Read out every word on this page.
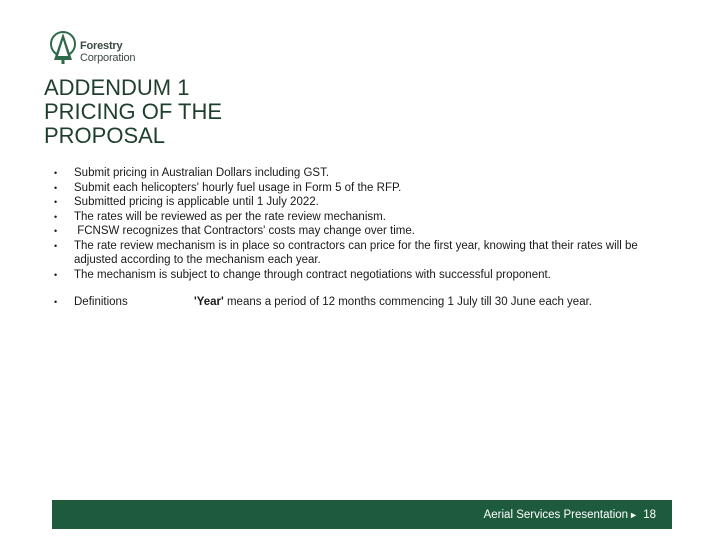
Forestry
Corporation
ADDENDUM 1
PRICING OF THE
PROPOSAL
• Submit pricing in Australian Dollars including GST.
• Submit each helicopters' hourly fuel usage in Form 5 of the RFP.
• Submitted pricing is applicable until 1 July 2022.
• The rates will be reviewed as per the rate review mechanism.
•  FCNSW recognizes that Contractors' costs may change over time.
• The rate review mechanism is in place so contractors can price for the first year, knowing that their rates will be adjusted according to the mechanism each year.
• The mechanism is subject to change through contract negotiations with successful proponent.
• Definitions	'Year' means a period of 12 months commencing 1 July till 30 June each year.
Aerial Services Presentation► 18
